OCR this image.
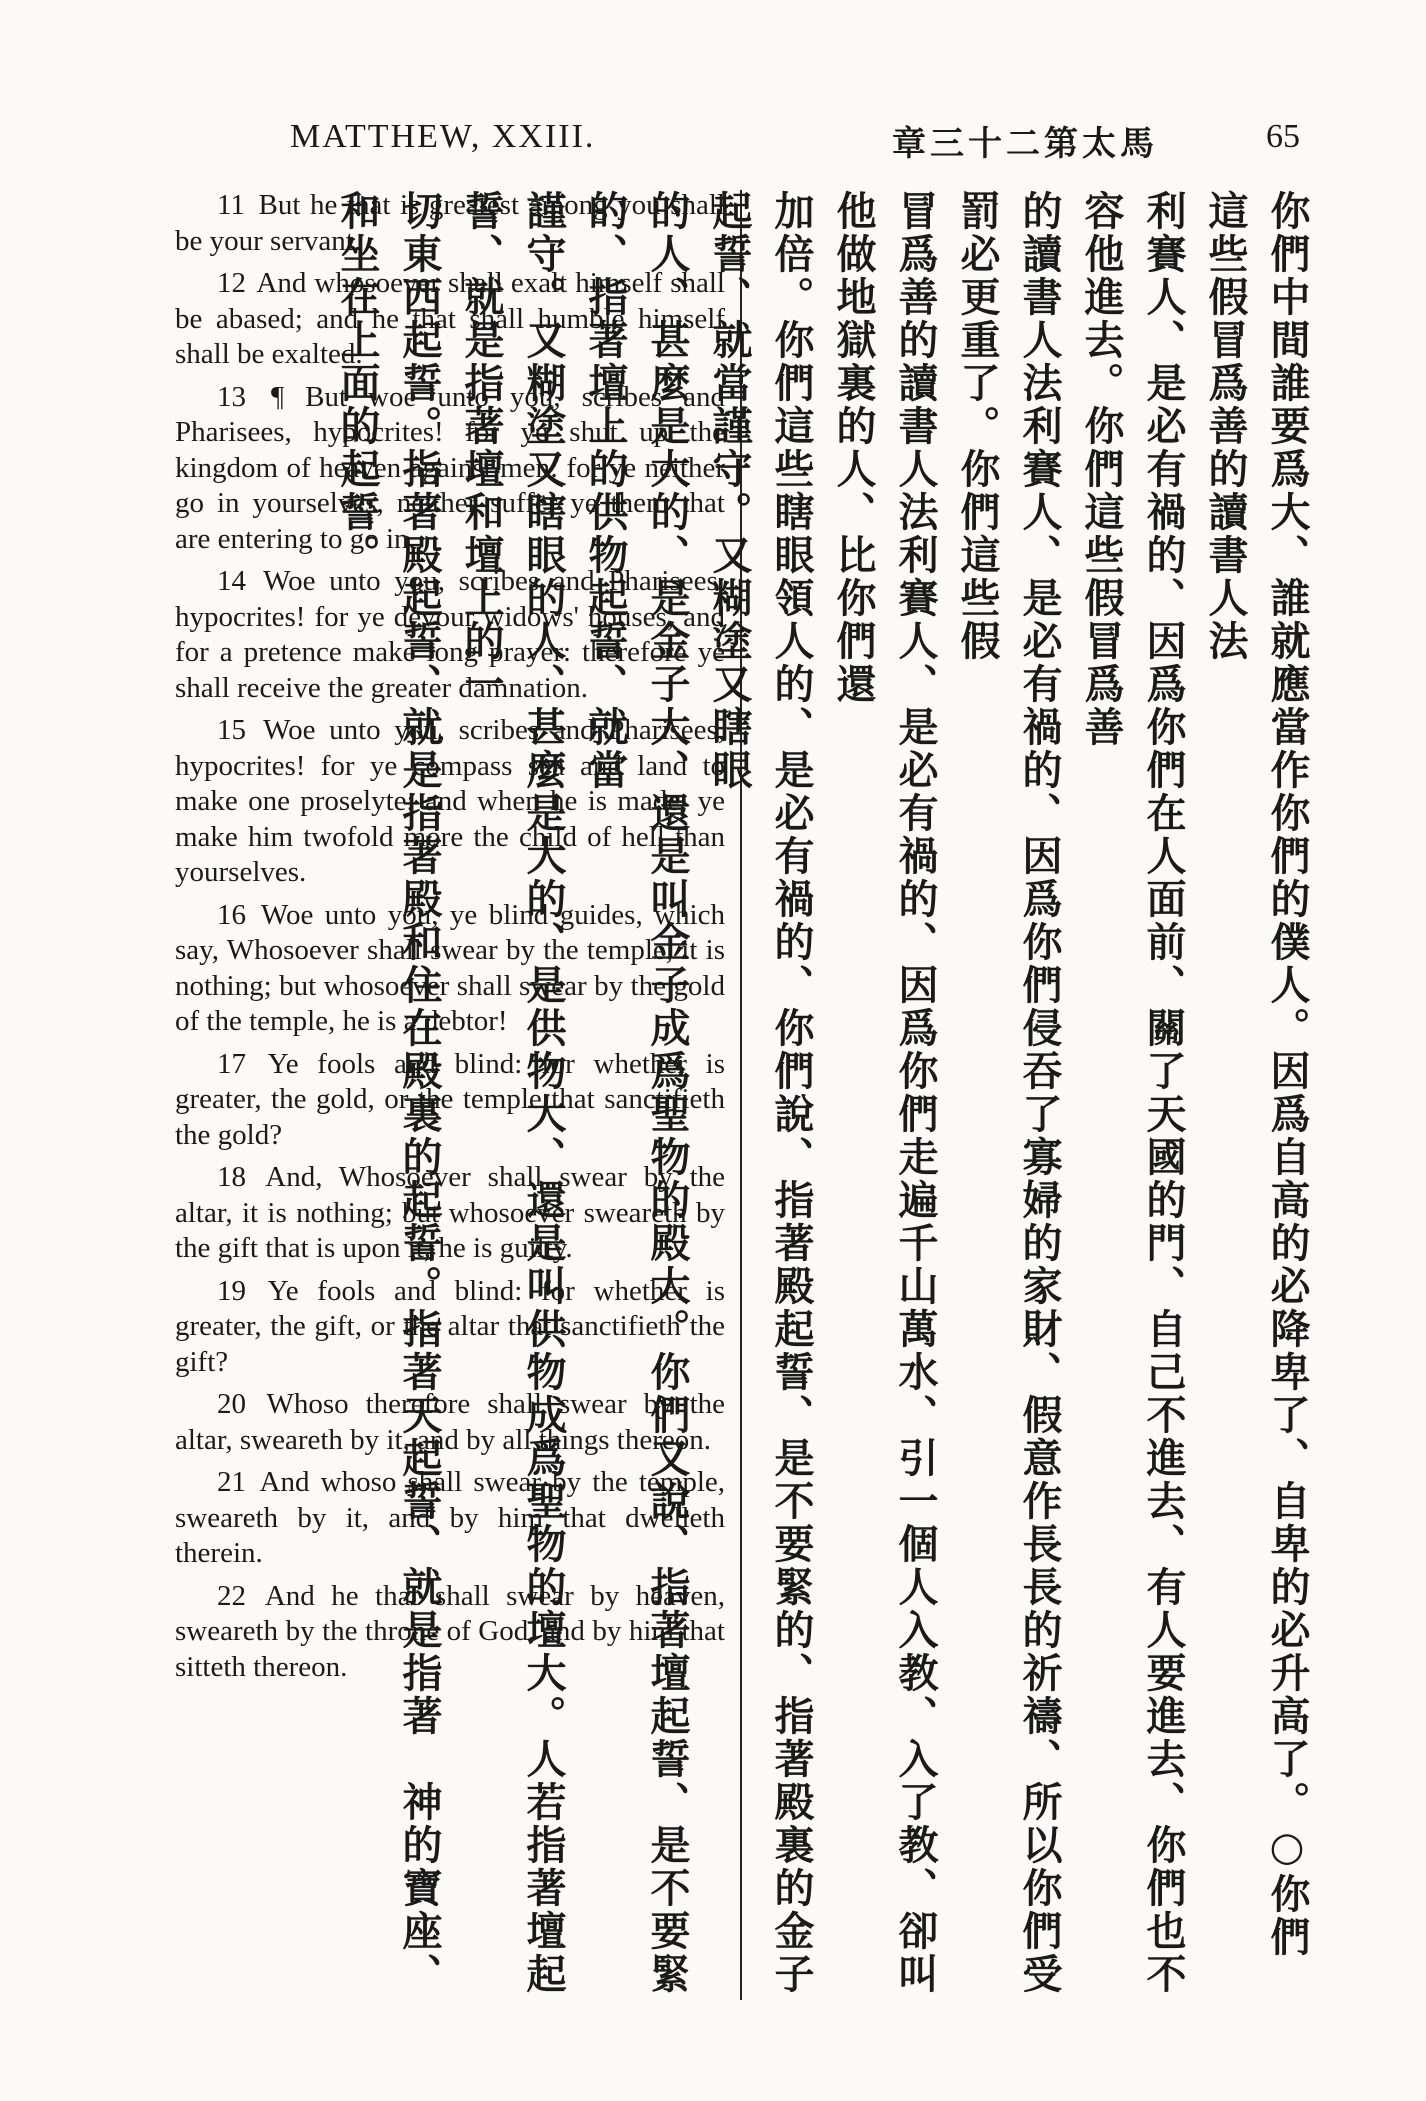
MATTHEW, XXIII.	章三十二第太馬	65

11 But he that is greatest among you shall be your servant.

12 And whosoever shall exalt himself shall be abased; and he that shall humble himself shall be exalted.

13 ¶ But woe unto you, scribes and Pharisees, hypocrites! for ye shut up the kingdom of heaven against men: for ye neither go in yourselves, neither suffer ye them that are entering to go in.

14 Woe unto you, scribes and Pharisees, hypocrites! for ye devour widows' houses, and for a pretence make long prayer: therefore ye shall receive the greater damnation.

15 Woe unto you, scribes and Pharisees, hypocrites! for ye compass sea and land to make one proselyte; and when he is made, ye make him twofold more the child of hell than yourselves.

16 Woe unto you, ye blind guides, which say, Whosoever shall swear by the temple, it is nothing; but whosoever shall swear by the gold of the temple, he is a debtor!

17 Ye fools and blind: for whether is greater, the gold, or the temple that sanctifieth the gold?

18 And, Whosoever shall swear by the altar, it is nothing; but whosoever sweareth by the gift that is upon it, he is guilty.

19 Ye fools and blind: for whether is greater, the gift, or the altar that sanctifieth the gift?

20 Whoso therefore shall swear by the altar, sweareth by it, and by all things thereon.

21 And whoso shall swear by the temple, sweareth by it, and by him that dwelleth therein.

22 And he that shall swear by heaven, sweareth by the throne of God, and by him that sitteth thereon.	你們中間誰要爲大、誰就應當作你們的僕人。因爲自高的必降卑了、自卑的必升高了。○你們這些假冒爲善的讀書人法
利賽人、是必有禍的、因爲你們在人面前、關了天國的門、自己不進去、有人要進去、你們也不容他進去。你們這些假冒爲善
的讀書人法利賽人、是必有禍的、因爲你們侵吞了寡婦的家財、假意作長長的祈禱、所以你們受罰必更重了。你們這些假
冒爲善的讀書人法利賽人、是必有禍的、因爲你們走遍千山萬水、引一個人入教、入了教、卻叫他做地獄裏的人、比你們還
加倍。你們這些瞎眼領人的、是必有禍的、你們說、指著殿起誓、是不要緊的、指著殿裏的金子起誓、就當謹守。又糊塗又瞎眼
的人、甚麼是大的、是金子大、還是叫金子成爲聖物的殿大。你們又說、指著壇起誓、是不要緊的、指著壇上的供物起誓、就當
謹守。又糊塗又瞎眼的人、甚麼是大的、是供物大、還是叫供物成爲聖物的壇大。人若指著壇起誓、就是指著壇和壇上的一
切東西起誓。指著殿起誓、就是指著殿和住在殿裏的起誓。指著天起誓、就是指著　神的寶座、和坐在上面的起誓。
